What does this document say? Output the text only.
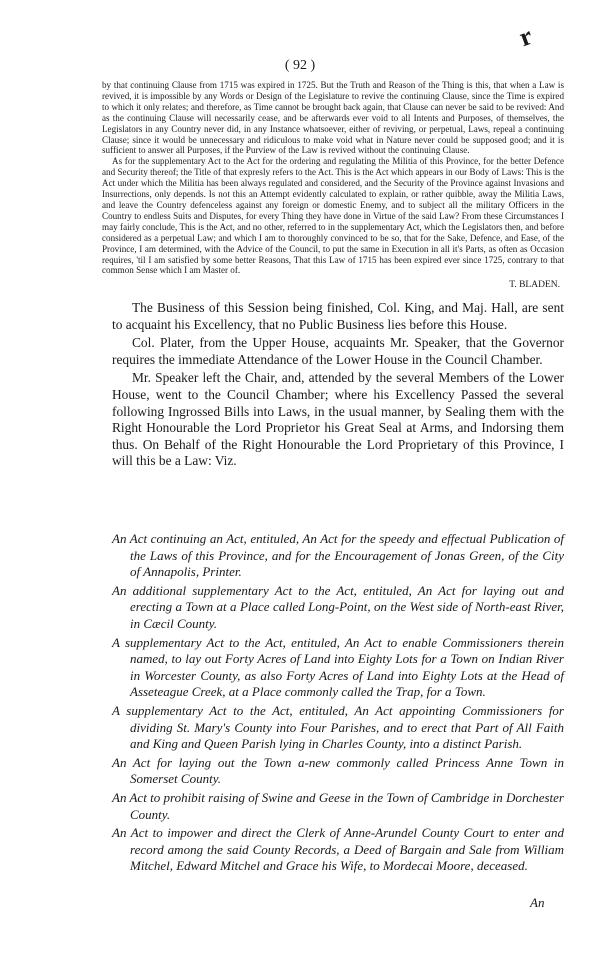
r
( 92 )

by that continuing Clause from 1715 was expired in 1725. But the Truth and Reason of the Thing is this, that when a Law is revived, it is impossible by any Words or Design of the Legislature to revive the continuing Clause, since the Time is expired to which it only relates; and therefore, as Time cannot be brought back again, that Clause can never be said to be revived: And as the continuing Clause will necessarily cease, and be afterwards ever void to all Intents and Purposes, of themselves, the Legislators in any Country never did, in any Instance whatsoever, either of reviving, or perpetual, Laws, repeal a continuing Clause; since it would be unnecessary and ridiculous to make void what in Nature never could be supposed good; and it is sufficient to answer all Purposes, if the Purview of the Law is revived without the continuing Clause.

As for the supplementary Act to the Act for the ordering and regulating the Militia of this Province, for the better Defence and Security thereof; the Title of that expresly refers to the Act. This is the Act which appears in our Body of Laws: This is the Act under which the Militia has been always regulated and considered, and the Security of the Province against Invasions and Insurrections, only depends. Is not this an Attempt evidently calculated to explain, or rather quibble, away the Militia Laws, and leave the Country defenceless against any foreign or domestic Enemy, and to subject all the military Officers in the Country to endless Suits and Disputes, for every Thing they have done in Virtue of the said Law? From these Circumstances I may fairly conclude, This is the Act, and no other, referred to in the supplementary Act, which the Legislators then, and before considered as a perpetual Law; and which I am to thoroughly convinced to be so, that for the Sake, Defence, and Ease, of the Province, I am determined, with the Advice of the Council, to put the same in Execution in all it's Parts, as often as Occasion requires, 'til I am satisfied by some better Reasons, That this Law of 1715 has been expired ever since 1725, contrary to that common Sense which I am Master of.

T. BLADEN.

The Business of this Session being finished, Col. King, and Maj. Hall, are sent to acquaint his Excellency, that no Public Business lies before this House.

Col. Plater, from the Upper House, acquaints Mr. Speaker, that the Governor requires the immediate Attendance of the Lower House in the Council Chamber.

Mr. Speaker left the Chair, and, attended by the several Members of the Lower House, went to the Council Chamber; where his Excellency Passed the several following Ingrossed Bills into Laws, in the usual manner, by Sealing them with the Right Honourable the Lord Proprietor his Great Seal at Arms, and Indorsing them thus. On Behalf of the Right Honourable the Lord Proprietary of this Province, I will this be a Law: Viz.

An Act continuing an Act, entituled, An Act for the speedy and effectual Publication of the Laws of this Province, and for the Encouragement of Jonas Green, of the City of Annapolis, Printer.

An additional supplementary Act to the Act, entituled, An Act for laying out and erecting a Town at a Place called Long-Point, on the West side of North-east River, in Cæcil County.

A supplementary Act to the Act, entituled, An Act to enable Commissioners therein named, to lay out Forty Acres of Land into Eighty Lots for a Town on Indian River in Worcester County, as also Forty Acres of Land into Eighty Lots at the Head of Asseteague Creek, at a Place commonly called the Trap, for a Town.

A supplementary Act to the Act, entituled, An Act appointing Commissioners for dividing St. Mary's County into Four Parishes, and to erect that Part of All Faith and King and Queen Parish lying in Charles County, into a distinct Parish.

An Act for laying out the Town a-new commonly called Princess Anne Town in Somerset County.

An Act to prohibit raising of Swine and Geese in the Town of Cambridge in Dorchester County.

An Act to impower and direct the Clerk of Anne-Arundel County Court to enter and record among the said County Records, a Deed of Bargain and Sale from William Mitchel, Edward Mitchel and Grace his Wife, to Mordecai Moore, deceased.

An
